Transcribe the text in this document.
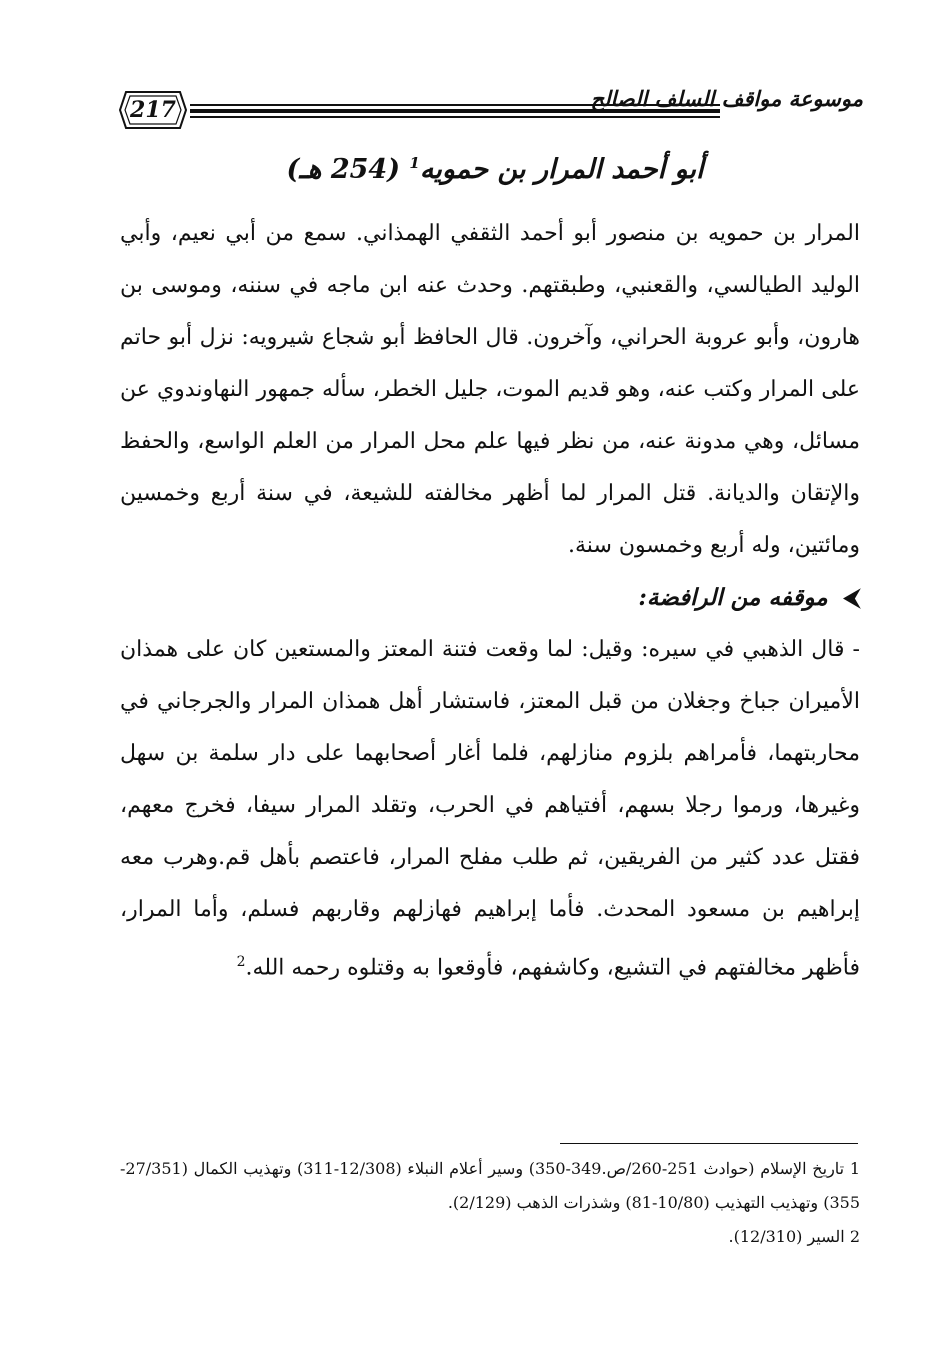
217	موسوعة مواقف السلف الصالح
أبو أحمد المرار بن حمويه$^1$ (254 هـ)

المرار بن حمويه بن منصور أبو أحمد الثقفي الهمذاني. سمع من أبي نعيم، وأبي الوليد الطيالسي، والقعنبي، وطبقتهم. وحدث عنه ابن ماجه في سننه، وموسى بن هارون، وأبو عروبة الحراني، وآخرون. قال الحافظ أبو شجاع شيرويه: نزل أبو حاتم على المرار وكتب عنه، وهو قديم الموت، جليل الخطر، سأله جمهور النهاوندوي عن مسائل، وهي مدونة عنه، من نظر فيها علم محل المرار من العلم الواسع، والحفظ والإتقان والديانة. قتل المرار لما أظهر مخالفته للشيعة، في سنة أربع وخمسين ومائتين، وله أربع وخمسون سنة.

⮜موقفه من الرافضة:

- قال الذهبي في سيره: وقيل: لما وقعت فتنة المعتز والمستعين كان على همذان الأميران جباخ وجغلان من قبل المعتز، فاستشار أهل همذان المرار والجرجاني في محاربتهما، فأمراهم بلزوم منازلهم، فلما أغار أصحابهما على دار سلمة بن سهل وغيرها، ورموا رجلا بسهم، أفتياهم في الحرب، وتقلد المرار سيفا، فخرج معهم، فقتل عدد كثير من الفريقين، ثم طلب مفلح المرار، فاعتصم بأهل قم.وهرب معه إبراهيم بن مسعود المحدث. فأما إبراهيم فهازلهم وقاربهم فسلم، وأما المرار، فأظهر مخالفتهم في التشيع، وكاشفهم، فأوقعوا به وقتلوه رحمه الله.$^2$

1 تاريخ الإسلام (حوادث 251-260/ص.349-350) وسير أعلام النبلاء (12/308-311) وتهذيب الكمال (27/351-355) وتهذيب التهذيب (10/80-81) وشذرات الذهب (2/129).

2 السير (12/310).
